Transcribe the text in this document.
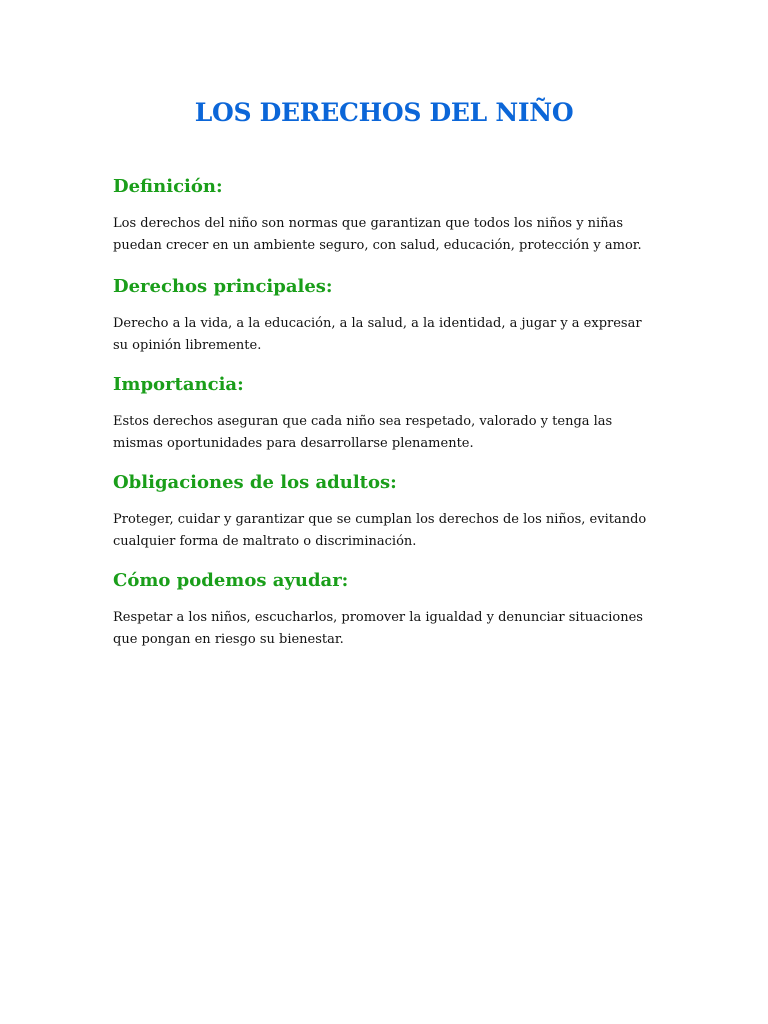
LOS DERECHOS DEL NIÑO
Definición:

Los derechos del niño son normas que garantizan que todos los niños y niñas puedan crecer en un ambiente seguro, con salud, educación, protección y amor.

Derechos principales:

Derecho a la vida, a la educación, a la salud, a la identidad, a jugar y a expresar su opinión libremente.

Importancia:

Estos derechos aseguran que cada niño sea respetado, valorado y tenga las mismas oportunidades para desarrollarse plenamente.

Obligaciones de los adultos:

Proteger, cuidar y garantizar que se cumplan los derechos de los niños, evitando cualquier forma de maltrato o discriminación.

Cómo podemos ayudar:

Respetar a los niños, escucharlos, promover la igualdad y denunciar situaciones que pongan en riesgo su bienestar.
